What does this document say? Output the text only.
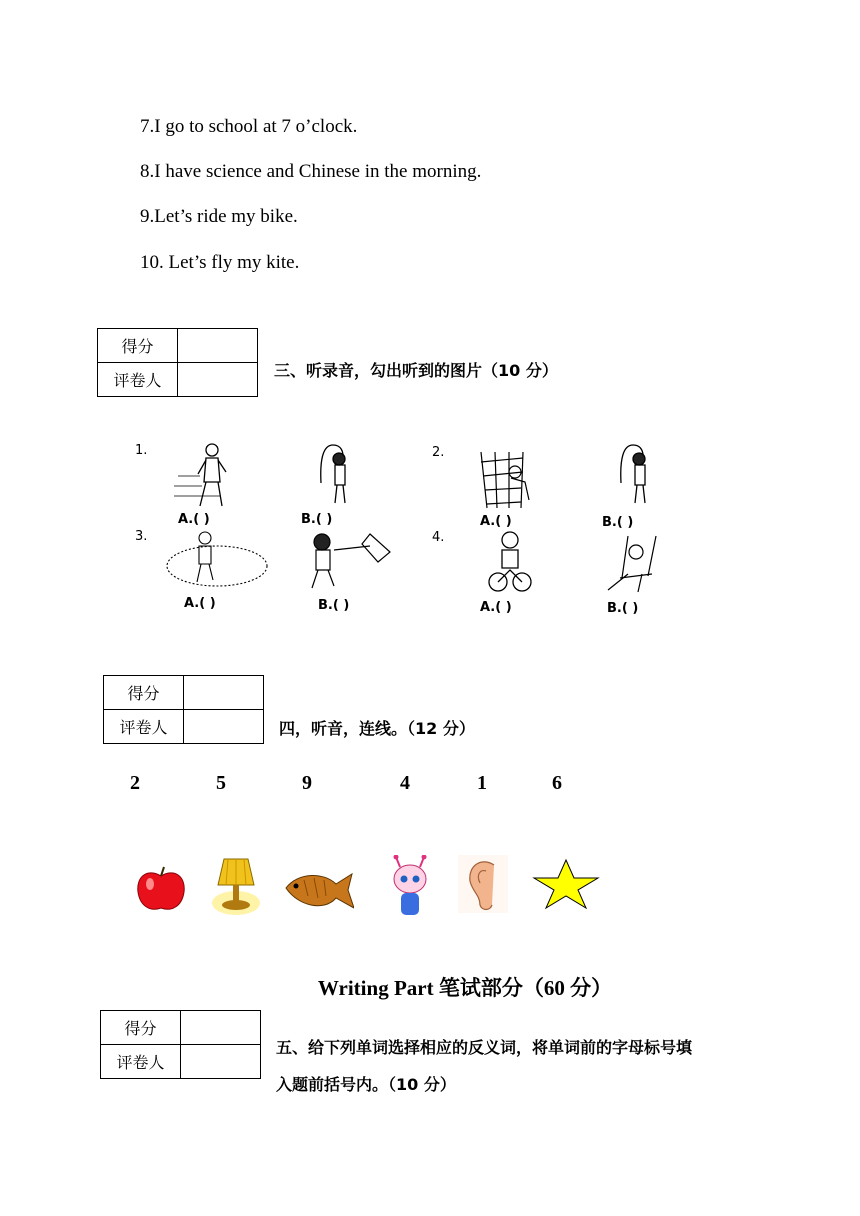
7.I go to school at 7 o’clock.
8.I have science and Chinese in the morning.
9.Let’s ride my bike.
10. Let’s fly my kite.
得分	
评卷人	
三、听录音，勾出听到的图片（10 分）
1.
A.( )	B.( )
2.
A.( )	B.( )
3.
A.( )	B.( )
4.
A.( )	B.( )
得分	
评卷人		四，听音，连线。（12 分）
2	5	9	4	1	6
Writing Part 笔试部分（60 分）
得分	
评卷人	
五、给下列单词选择相应的反义词，将单词前的字母标号填
入题前括号内。（10 分）
